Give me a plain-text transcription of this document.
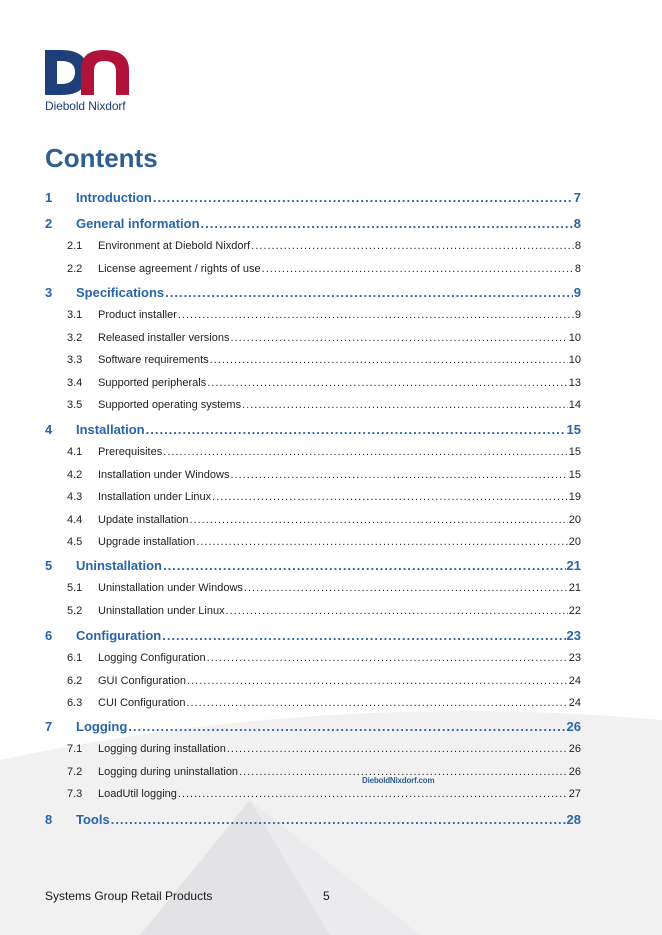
Diebold Nixdorf
Contents
1	Introduction .....	7
2	General information .....	8
2.1	Environment at Diebold Nixdorf .....	8
2.2	License agreement / rights of use .....	8
3	Specifications .....	9
3.1	Product installer .....	9
3.2	Released installer versions .....	10
3.3	Software requirements .....	10
3.4	Supported peripherals .....	13
3.5	Supported operating systems .....	14
4	Installation .....	15
4.1	Prerequisites .....	15
4.2	Installation under Windows .....	15
4.3	Installation under Linux .....	19
4.4	Update installation .....	20
4.5	Upgrade installation .....	20
5	Uninstallation .....	21
5.1	Uninstallation under Windows .....	21
5.2	Uninstallation under Linux .....	22
6	Configuration .....	23
6.1	Logging Configuration .....	23
6.2	GUI Configuration .....	24
6.3	CUI Configuration .....	24
7	Logging .....	26
7.1	Logging during installation .....	26
7.2	Logging during uninstallation .....	26
7.3	LoadUtil logging .....	27
8	Tools .....	28
DieboldNixdorf.com
Systems Group Retail Products	5
